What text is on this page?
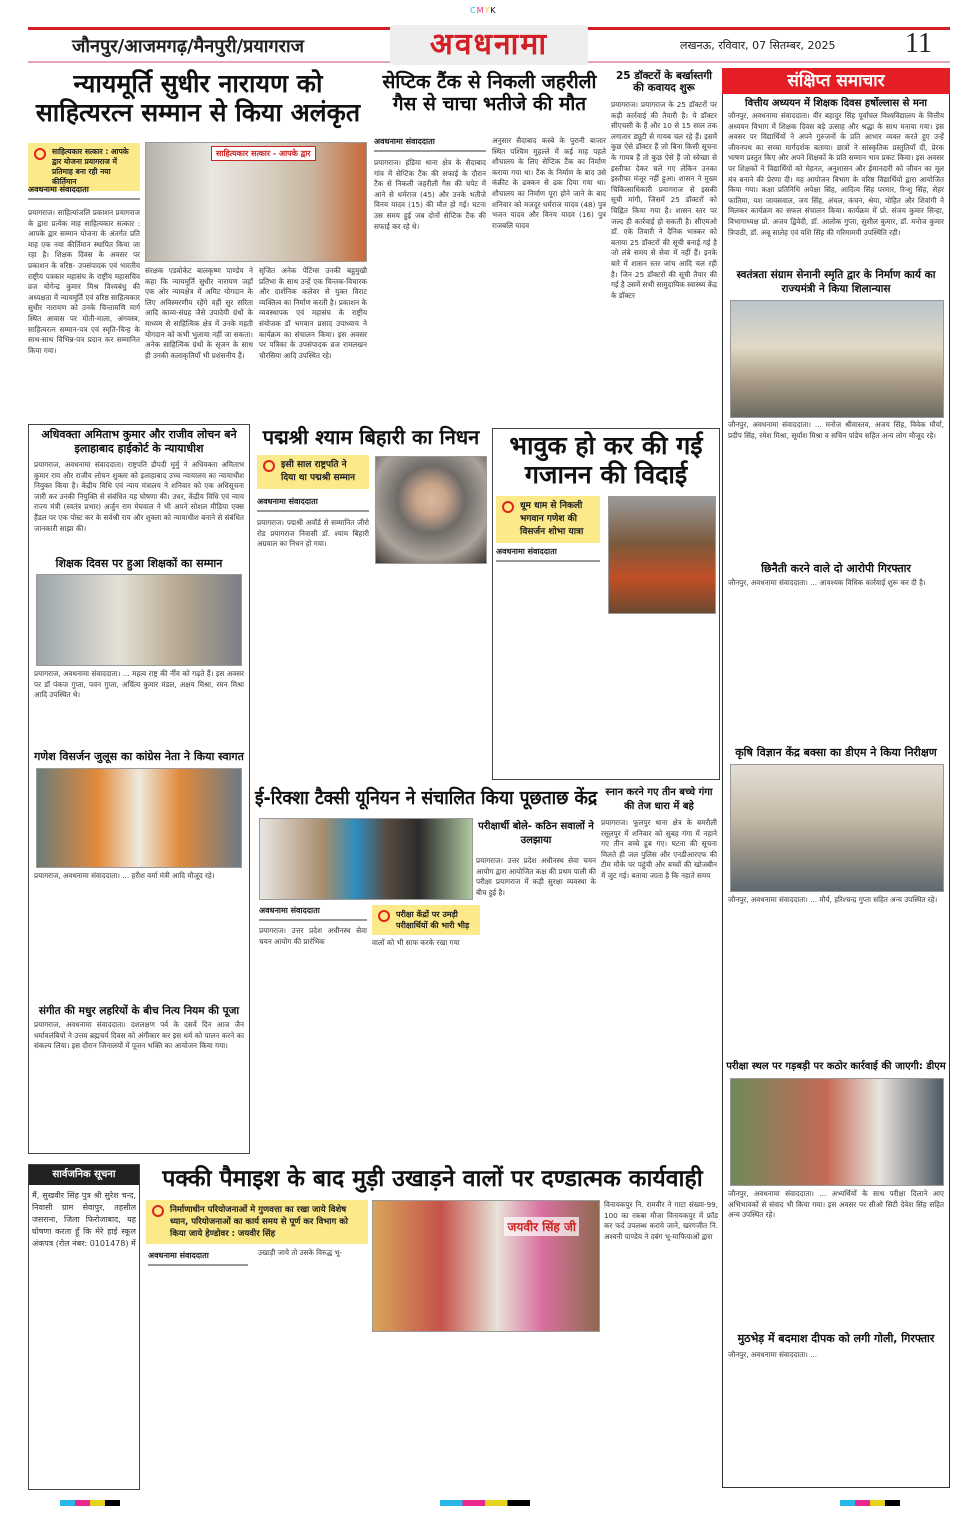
CMYK
जौनपुर/आजमगढ़/मैनपुरी/प्रयागराज	अवधनामा	लखनऊ, रविवार, 07 सितम्बर, 2025 11
न्यायमूर्ति सुधीर नारायण को साहित्यरत्न सम्मान से किया अलंकृत
साहित्यकार सत्कार : आपके द्वार योजना प्रयागराज में प्रतिमाह बना रही नया कीर्तिमान
अवधनामा संवाददाता
साहित्यकार सत्कार - आपके द्वार
प्रयागराज। साहित्यांजलि प्रकाशन प्रयागराज के द्वारा प्रत्येक माह साहित्यकार सत्कार : आपके द्वार सम्मान योजना के अंतर्गत प्रति माह एक नया कीर्तिमान स्थापित किया जा रहा है। शिक्षक दिवस के अवसर पर प्रकाशन के वरिष्ठ- उपसंपादक एवं भारतीय राष्ट्रीय पत्रकार महासंघ के राष्ट्रीय महासचिव व्रज योगेन्द्र कुमार मिश्र विश्वबंधु की अध्यक्षता में न्यायमूर्ति एवं वरिष्ठ साहित्यकार सुधीर नारायण को उनके चिन्तामणि मार्ग स्थित आवास पर मोती-माला, अंगवस्त्र, साहित्यरत्न सम्मान-पत्र एवं स्मृति-चिन्ह के साथ-साथ विभिन्न-पत्र प्रदान कर सम्मानित किया गया।
संरक्षक एडवोकेट बालकृष्ण पाण्डेय ने कहा कि न्यायमूर्ति सुधीर नारायण जहाँ एक ओर न्यायक्षेत्र में अमिट योगदान के लिए अविस्मरणीय रहेंगे वहीं सुर सरिता आदि काव्य-संग्रह जैसे उपादेयी ग्रंथों के माध्यम से साहित्यिक क्षेत्र में उनके महती योगदान को कभी भुलाया नहीं जा सकता। अनेक साहित्यिक ग्रंथों के सृजन के साथ ही उनकी कलाकृतियाँ भी प्रशंसनीय हैं।
सृजित अनेक पेंटिंग्स उनकी बहुमुखी प्रतिभा के साथ उन्हें एक चिन्तक-विचारक और दार्शनिक कलेवर से युक्त विराट व्यक्तित्व का निर्माण करती है। प्रकाशन के व्यवस्थापक एवं महासंघ के राष्ट्रीय संयोजक डॉ भगवान प्रसाद उपाध्याय ने कार्यक्रम का संचालन किया। इस अवसर पर पत्रिका के उपसंपादक व्रज रामलखन चौरसिया आदि उपस्थित रहे।
सेप्टिक टैंक से निकली जहरीली गैस से चाचा भतीजे की मौत
अवधनामा संवाददाता
प्रयागराज। हंडिया थाना क्षेत्र के सैदाबाद गांव में सेप्टिक टैंक की सफाई के दौरान टैंक से निकली जहरीली गैस की चपेट में आने से धर्मराज (45) और उनके भतीजे विनय यादव (15) की मौत हो गई। घटना उस समय हुई जब दोनों सेप्टिक टैंक की सफाई कर रहे थे।
अनुसार सैदाबाद कस्बे के पुरानी बाजार स्थित पश्चिम मुहल्ले में कई माह पहले शौचालय के लिए सेप्टिक टैंक का निर्माण कराया गया था। टैंक के निर्माण के बाद उसे कंक्रीट के ढक्कन से ढक दिया गया था। शौचालय का निर्माण पूरा होने जाने के बाद शनिवार को मजदूर धर्मराज यादव (48) पुत्र भजन यादव और विनय यादव (16) पुत्र राजबलि यादव
25 डॉक्टरों के बर्खास्तगी की कवायद शुरू
प्रयागराज। प्रयागराज के 25 डॉक्टरों पर कड़ी कार्रवाई की तैयारी है। ये डॉक्टर सीएचसी के हैं और 10 से 15 साल तक लगातार ड्यूटी से गायब चल रहे हैं। इसमें कुछ ऐसे डॉक्टर हैं जो बिना किसी सूचना के गायब हैं तो कुछ ऐसे हैं जो स्वेच्छा से इस्तीफा देकर चले गए लेकिन उनका इस्तीफा मंजूर नहीं हुआ। शासन ने मुख्य चिकित्साधिकारी प्रयागराज से इसकी सूची मांगी, जिसमें 25 डॉक्टरों को चिह्नित किया गया है। शासन स्तर पर जल्द ही कार्रवाई हो सकती है। सीएमओ डॉ. एके तिवारी ने दैनिक भास्कर को बताया 25 डॉक्टरों की सूची बनाई गई है जो लंबे समय से सेवा में नहीं हैं। इनके बारे में शासन स्तर जांच आदि चल रही है। जिन 25 डॉक्टरों की सूची तैयार की गई है उसमें सभी सामुदायिक स्वास्थ्य केंद्र के डॉक्टर
संक्षिप्त समाचार
वित्तीय अध्ययन में शिक्षक दिवस हर्षोल्लास से मना
जौनपुर, अवधनामा संवाददाता। वीर बहादुर सिंह पूर्वांचल विश्वविद्यालय के वित्तीय अध्ययन विभाग में शिक्षक दिवस बड़े उत्साह और श्रद्धा के साथ मनाया गया। इस अवसर पर विद्यार्थियों ने अपने गुरुजनों के प्रति आभार व्यक्त करते हुए उन्हें जीवनपथ का सच्चा मार्गदर्शक बताया। छात्रों ने सांस्कृतिक प्रस्तुतियाँ दीं, प्रेरक भाषण प्रस्तुत किए और अपने शिक्षकों के प्रति सम्मान भाव प्रकट किया। इस अवसर पर शिक्षकों ने विद्यार्थियों को मेहनत, अनुशासन और ईमानदारी को जीवन का मूल मंत्र बनाने की प्रेरणा दी। यह आयोजन विभाग के वरिष्ठ विद्यार्थियों द्वारा आयोजित किया गया। कक्षा प्रतिनिधि अपेक्षा सिंह, आदित्य सिंह परमार, रिन्शु सिंह, सेहर फातिमा, यश जायसवाल, जय सिंह, अंचल, कंचन, श्रेया, मोहित और शिवांगी ने मिलकर कार्यक्रम का सफल संचालन किया। कार्यक्रम में प्रो. संजय कुमार सिन्हा, विभागाध्यक्ष प्रो. अजय द्विवेदी, डॉ. आलोक गुप्ता, सुशील कुमार, डॉ. मनोज कुमार त्रिपाठी, डॉ. अबू सालेह एवं यशि सिंह की गरिमामयी उपस्थिति रही।
स्वतंत्रता संग्राम सेनानी स्मृति द्वार के निर्माण कार्य का राज्यमंत्री ने किया शिलान्यास
जौनपुर, अवधनामा संवाददाता। ... मनोज श्रीवास्तव, अजय सिंह, विवेक मौर्या, प्रदीप सिंह, रमेश मिश्रा, सूर्यांश मिश्रा व सचिन पांडेय सहित अन्य लोग मौजूद रहे।
छिनैती करने वाले दो आरोपी गिरफ्तार
जौनपुर, अवधनामा संवाददाता। ... आवश्यक विधिक कार्रवाई शुरू कर दी है।
कृषि विज्ञान केंद्र बक्सा का डीएम ने किया निरीक्षण
जौनपुर, अवधनामा संवाददाता। ... मौर्य, हरिश्चन्द्र गुप्ता सहित अन्य उपस्थित रहे।
परीक्षा स्थल पर गड़बड़ी पर कठोर कार्रवाई की जाएगी: डीएम
जौनपुर, अवधनामा संवाददाता। ... अभ्यर्थियों के साथ परीक्षा दिलाने आए अभिभावकों से संवाद भी किया गया। इस अवसर पर सीओ सिटी देवेश सिंह सहित अन्य उपस्थित रहे।
मुठभेड़ में बदमाश दीपक को लगी गोली, गिरफ्तार
जौनपुर, अवधनामा संवाददाता। ...
अधिवक्ता अमिताभ कुमार और राजीव लोचन बने इलाहाबाद हाईकोर्ट के न्यायाधीश
प्रयागराज, अवधनामा संवाददाता। राष्ट्रपति द्रौपदी मुर्मु ने अधिवक्ता अमिताभ कुमार राय और राजीव लोचन शुक्ला को इलाहाबाद उच्च न्यायालय का न्यायाधीश नियुक्त किया है। केंद्रीय विधि एवं न्याय मंत्रालय ने शनिवार को एक अधिसूचना जारी कर उनकी नियुक्ति से संबंधित यह घोषणा की। उधर, केंद्रीय विधि एवं न्याय राज्य मंत्री (स्वतंत्र प्रभार) अर्जुन राम मेघवाल ने भी अपने सोशल मीडिया एक्स हैंडल पर एक पोस्ट कर के सर्वश्री राय और शुक्ला को न्यायाधीश बनाने से संबंधित जानकारी साझा की।
शिक्षक दिवस पर हुआ शिक्षकों का सम्मान
प्रयागराज, अवधनामा संवाददाता। ... महत्व राष्ट्र की नींव को गढ़ते हैं। इस अवसर पर डॉ पंकज गुप्ता, पवन गुप्ता, अचिंत्य कुमार मंडल, अक्षय मिश्रा, रमन मिश्रा आदि उपस्थित थे।
गणेश विसर्जन जुलूस का कांग्रेस नेता ने किया स्वागत
प्रयागराज, अवधनामा संवाददाता। ... हरीश वर्मा मंत्री आदि मौजूद रहे।
संगीत की मधुर लहरियों के बीच नित्य नियम की पूजा
प्रयागराज, अवधनामा संवाददाता। दशलक्षण पर्व के दसवें दिन आज जैन धर्मावलंबियों ने उत्तम ब्रह्मचर्य दिवस को अंगीकार कर इस धर्म को पालन करने का संकल्प लिया। इस दौरान जिनालयों में पूजन भक्ति का आयोजन किया गया।
पद्मश्री श्याम बिहारी का निधन
इसी साल राष्ट्रपति ने दिया था पद्मश्री सम्मान
अवधनामा संवाददाता
प्रयागराज। पद्मश्री अवॉर्ड से सम्मानित जीरो रोड प्रयागराज निवासी डॉ. श्याम बिहारी अग्रवाल का निधन हो गया।
भावुक हो कर की गई गजानन की विदाई
धूम धाम से निकली भगवान गणेश की विसर्जन शोभा यात्रा
अवधनामा संवाददाता
ई-रिक्शा टैक्सी यूनियन ने संचालित किया पूछताछ केंद्र
परीक्षार्थी बोले- कठिन सवालों ने उलझाया
प्रयागराज। उत्तर प्रदेश अधीनस्थ सेवा चयन आयोग द्वारा आयोजित कक्ष की प्रथम पाली की परीक्षा प्रयागराज में कड़ी सुरक्षा व्यवस्था के बीच हुई है।
अवधनामा संवाददाता	परीक्षा केंद्रों पर उमड़ी परीक्षार्थियों की भारी भीड़
प्रयागराज। उत्तर प्रदेश अधीनस्थ सेवा चयन आयोग की प्रारंभिक	वालों को भी साफ करके रखा गया
स्नान करने गए तीन बच्चे गंगा की तेज धारा में बहे
प्रयागराज। फूलपुर थाना क्षेत्र के बमरौली रसूलपुर में शनिवार को सुबह गंगा में नहाने गए तीन बच्चे डूब गए। घटना की सूचना मिलते ही जल पुलिस और एनडीआरएफ की टीम मौके पर पहुंची और बच्चों की खोजबीन में जुट गई। बताया जाता है कि नहाते समय
सार्वजनिक सूचना
मैं, सुखवीर सिंह पुत्र श्री सुरेश चन्द, निवासी ग्राम सेवापुर, तहसील जसराना, जिला फिरोजाबाद, यह घोषणा करता हूँ कि मेरे हाई स्कूल अंकपत्र (रोल नंबर: 0101478) में
पक्की पैमाइश के बाद मुड़ी उखाड़ने वालों पर दण्डात्मक कार्यवाही
निर्माणाधीन परियोजनाओं मे गुणवत्ता का रखा जाये विशेष ध्यान, परियोजनाओं का कार्य समय से पूर्ण कर विभाग को किया जाये हेण्डोवर : जयवीर सिंह
अवधनामा संवाददाता	उखाड़ी जाये तो उसके विरुद्ध भू-
जयवीर सिंह जी
विनायकपुर नि. रामवीर ने गाटा संख्या-99, 100 का रकबा मौजा विनायकपुर में फ्रॉड कर फर्द उपलब्ध कराये जाने, खरगजीत नि. अश्वनी पाण्डेय ने दबंग भू-माफियाओं द्वारा
